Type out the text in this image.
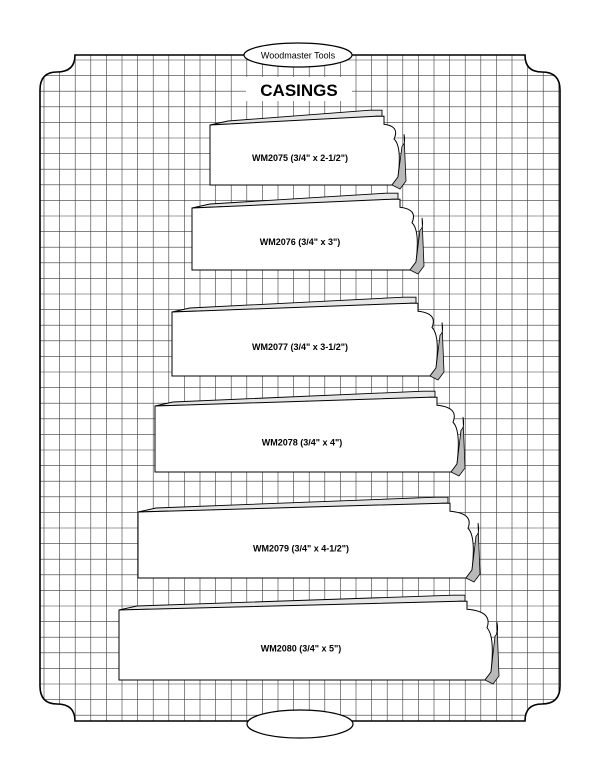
Woodmaster Tools
CASINGS
WM2075 (3/4" x 2-1/2")
WM2076 (3/4" x 3")
WM2077 (3/4" x 3-1/2")
WM2078 (3/4" x 4")
WM2079 (3/4" x 4-1/2")
WM2080 (3/4" x 5")
